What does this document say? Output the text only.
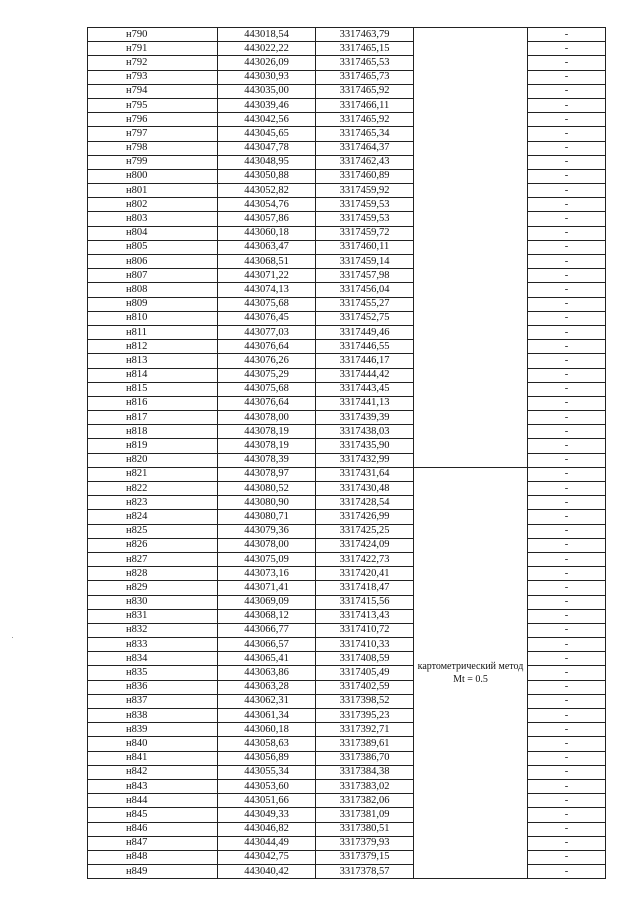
н790	443018,54	3317463,79		-
н791	443022,22	3317465,15		-
н792	443026,09	3317465,53		-
н793	443030,93	3317465,73		-
н794	443035,00	3317465,92		-
н795	443039,46	3317466,11		-
н796	443042,56	3317465,92		-
н797	443045,65	3317465,34		-
н798	443047,78	3317464,37		-
н799	443048,95	3317462,43		-
н800	443050,88	3317460,89		-
н801	443052,82	3317459,92		-
н802	443054,76	3317459,53		-
н803	443057,86	3317459,53		-
н804	443060,18	3317459,72		-
н805	443063,47	3317460,11		-
н806	443068,51	3317459,14		-
н807	443071,22	3317457,98		-
н808	443074,13	3317456,04		-
н809	443075,68	3317455,27		-
н810	443076,45	3317452,75		-
н811	443077,03	3317449,46		-
н812	443076,64	3317446,55		-
н813	443076,26	3317446,17		-
н814	443075,29	3317444,42		-
н815	443075,68	3317443,45		-
н816	443076,64	3317441,13		-
н817	443078,00	3317439,39		-
н818	443078,19	3317438,03		-
н819	443078,19	3317435,90		-
н820	443078,39	3317432,99		-
н821	443078,97	3317431,64	картометрический метод Mt = 0.5	-
н822	443080,52	3317430,48		-
н823	443080,90	3317428,54		-
н824	443080,71	3317426,99		-
н825	443079,36	3317425,25		-
н826	443078,00	3317424,09		-
н827	443075,09	3317422,73		-
н828	443073,16	3317420,41		-
н829	443071,41	3317418,47		-
н830	443069,09	3317415,56		-
н831	443068,12	3317413,43		-
н832	443066,77	3317410,72		-
н833	443066,57	3317410,33		-
н834	443065,41	3317408,59		-
н835	443063,86	3317405,49		-
н836	443063,28	3317402,59		-
н837	443062,31	3317398,52		-
н838	443061,34	3317395,23		-
н839	443060,18	3317392,71		-
н840	443058,63	3317389,61		-
н841	443056,89	3317386,70		-
н842	443055,34	3317384,38		-
н843	443053,60	3317383,02		-
н844	443051,66	3317382,06		-
н845	443049,33	3317381,09		-
н846	443046,82	3317380,51		-
н847	443044,49	3317379,93		-
н848	443042,75	3317379,15		-
н849	443040,42	3317378,57		-
